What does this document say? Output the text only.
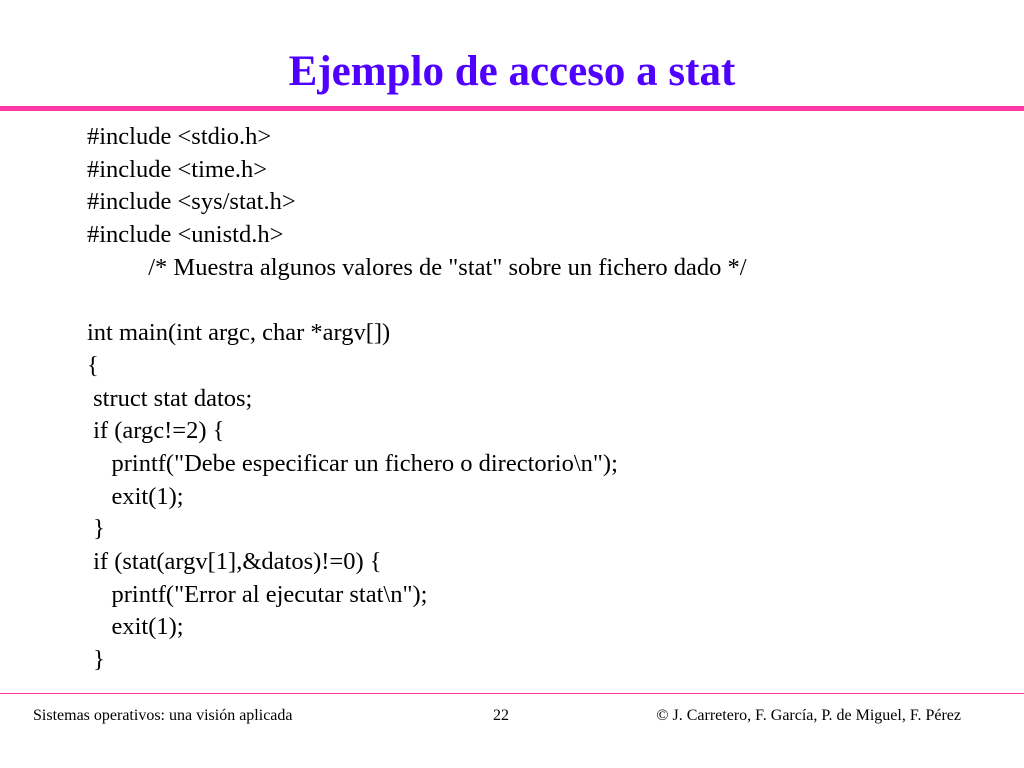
Ejemplo de acceso a stat
#include <stdio.h>
#include <time.h>
#include <sys/stat.h>
#include <unistd.h>
/* Muestra algunos valores de "stat" sobre un fichero dado */
int main(int argc, char *argv[])
{
struct stat datos;
if (argc!=2) {
printf("Debe especificar un fichero o directorio\n");
exit(1);
}
if (stat(argv[1],&datos)!=0) {
printf("Error al ejecutar stat\n");
exit(1);
}
Sistemas operativos: una visión aplicada	22	© J. Carretero, F. García, P. de Miguel, F. Pérez
